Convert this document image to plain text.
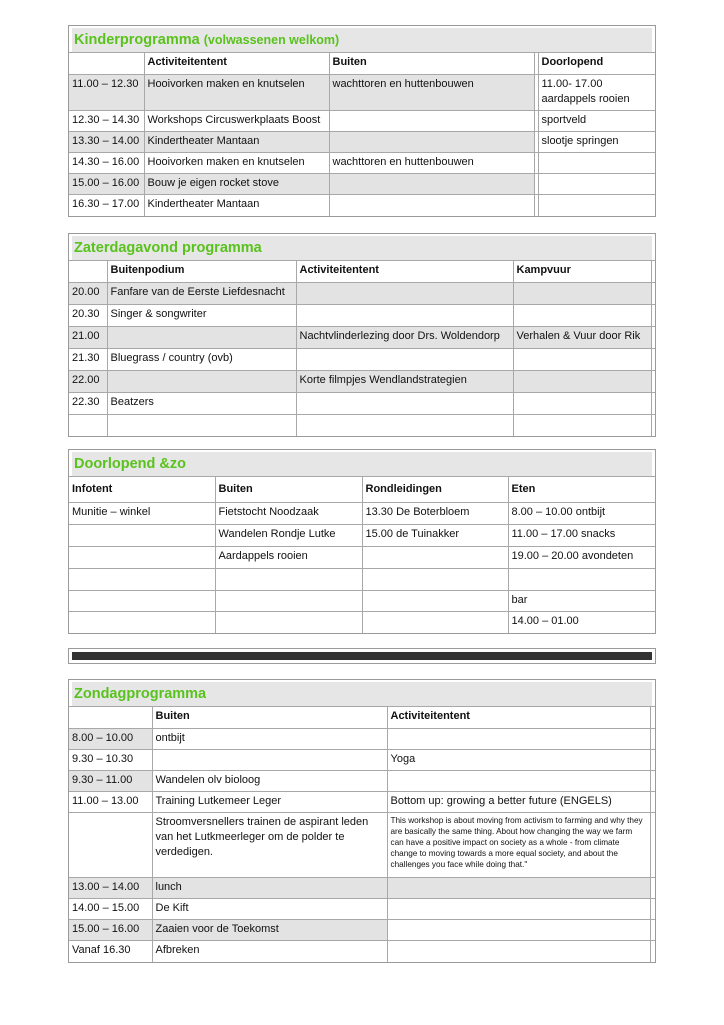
Kinderprogramma (volwassenen welkom)
	Activiteitentent	Buiten		Doorlopend
11.00 – 12.30	Hooivorken maken en knutselen	wachttoren en huttenbouwen		11.00- 17.00 aardappels rooien
12.30 – 14.30	Workshops Circuswerkplaats Boost			sportveld
13.30 – 14.00	Kindertheater Mantaan			slootje springen
14.30 – 16.00	Hooivorken maken en knutselen	wachttoren en huttenbouwen		
15.00 – 16.00	Bouw je eigen rocket stove			
16.30 – 17.00	Kindertheater Mantaan			
Zaterdagavond programma
	Buitenpodium	Activiteitentent	Kampvuur	
20.00	Fanfare van de Eerste Liefdesnacht			
20.30	Singer & songwriter			
21.00		Nachtvlinderlezing door Drs. Woldendorp	Verhalen & Vuur door Rik	
21.30	Bluegrass / country (ovb)			
22.00		Korte filmpjes Wendlandstrategien		
22.30	Beatzers			

Doorlopend &zo
Infotent	Buiten	Rondleidingen	Eten
Munitie – winkel	Fietstocht Noodzaak	13.30 De Boterbloem	8.00 – 10.00 ontbijt
	Wandelen Rondje Lutke	15.00 de Tuinakker	11.00 – 17.00 snacks
	Aardappels rooien		19.00 – 20.00 avondeten

			bar
			14.00 – 01.00
Zondagprogramma
	Buiten	Activiteitentent	
8.00 – 10.00	ontbijt		
9.30 – 10.30		Yoga	
9.30 – 11.00	Wandelen olv bioloog		
11.00 – 13.00	Training Lutkemeer Leger	Bottom up: growing a better future (ENGELS)	
	Stroomversnellers trainen de aspirant leden van het Lutkmeerleger om de polder te verdedigen.	This workshop is about moving from activism to farming and why they are basically the same thing. About how changing the way we farm can have a positive impact on society as a whole - from climate change to moving towards a more equal society, and about the challenges you face while doing that."	
13.00 – 14.00	lunch		
14.00 – 15.00	De Kift		
15.00 – 16.00	Zaaien voor de Toekomst		
Vanaf 16.30	Afbreken		
